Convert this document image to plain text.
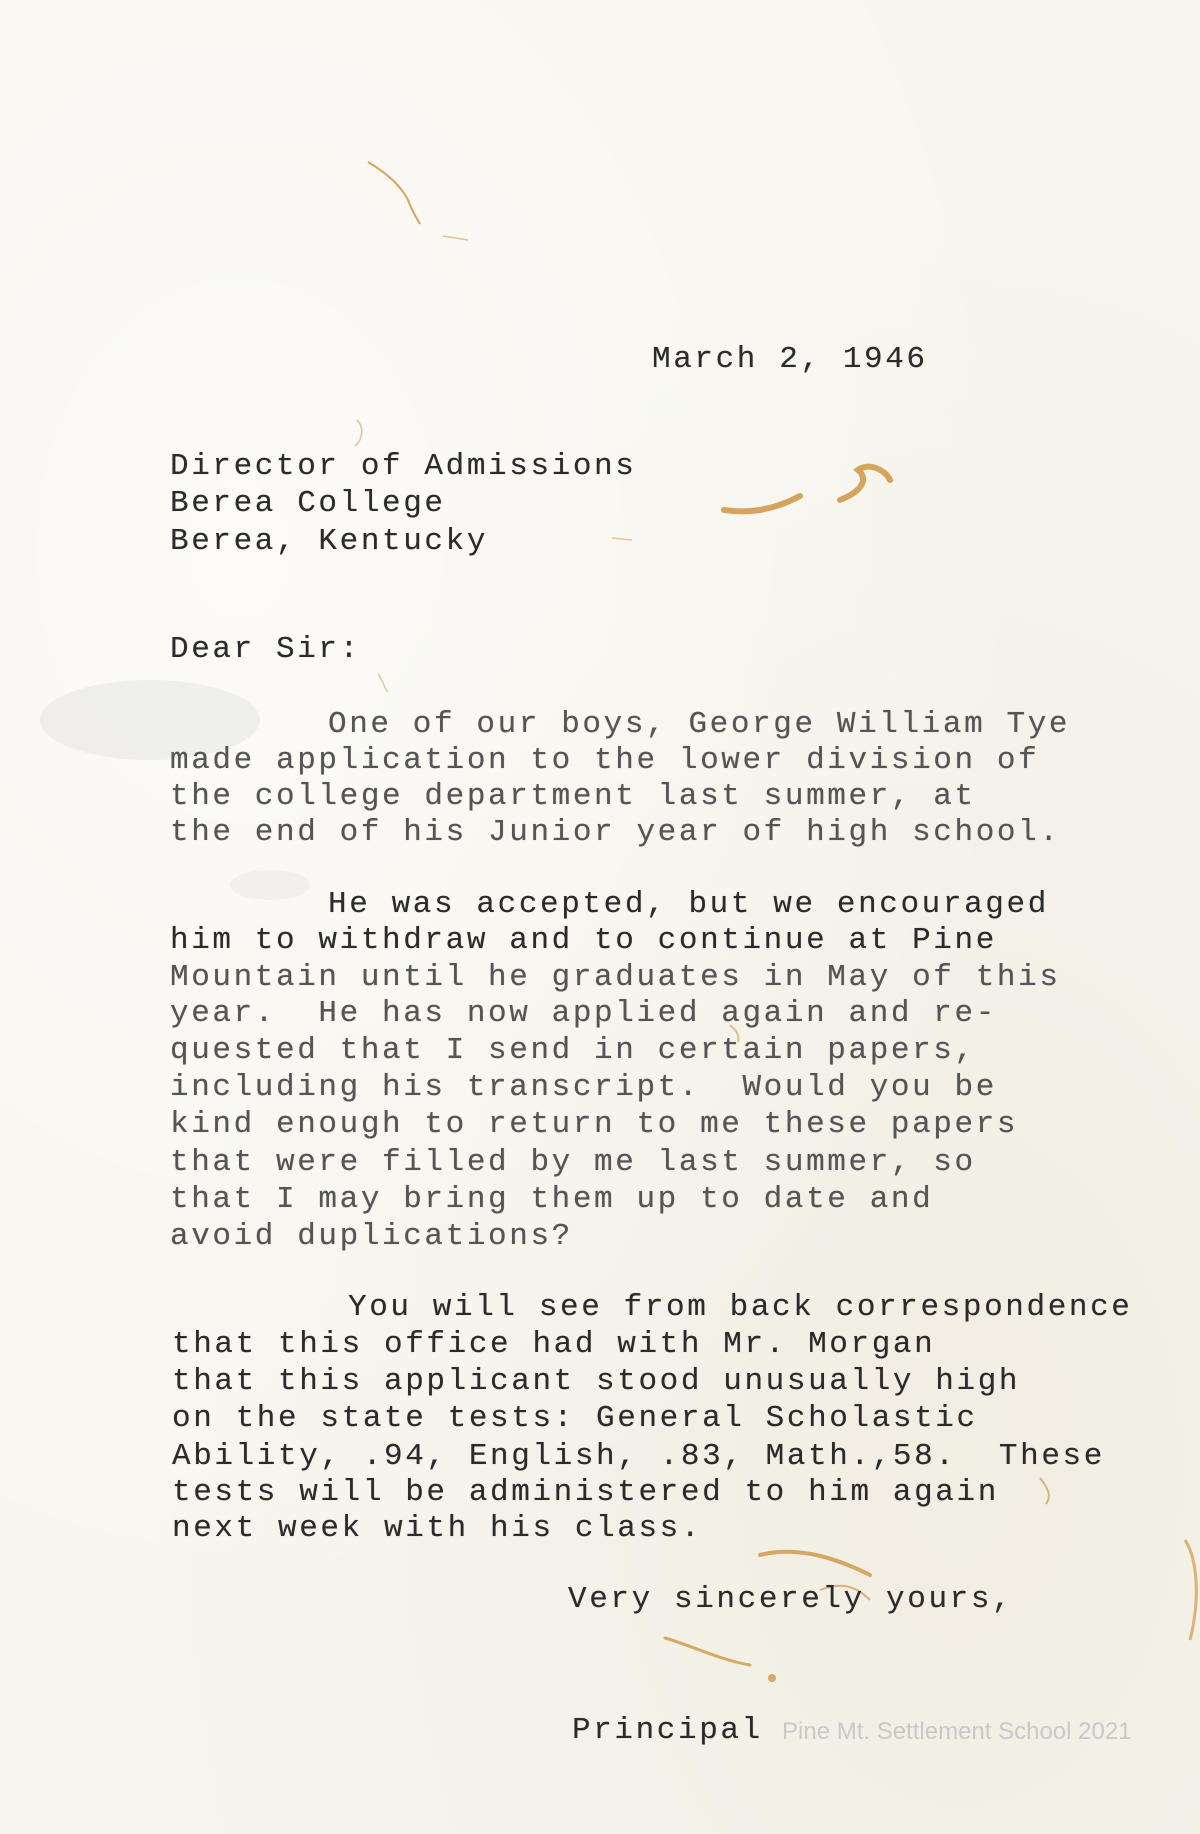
March 2, 1946
Director of Admissions
Berea College
Berea, Kentucky
Dear Sir:
One of our boys, George William Tye
made application to the lower division of
the college department last summer, at
the end of his Junior year of high school.
He was accepted, but we encouraged
him to withdraw and to continue at Pine
Mountain until he graduates in May of this
year.  He has now applied again and re-
quested that I send in certain papers,
including his transcript.  Would you be
kind enough to return to me these papers
that were filled by me last summer, so
that I may bring them up to date and
avoid duplications?
You will see from back correspondence
that this office had with Mr. Morgan
that this applicant stood unusually high
on the state tests: General Scholastic
Ability, .94, English, .83, Math.,58.  These
tests will be administered to him again
next week with his class.
Very sincerely yours,
Principal Pine Mt. Settlement School 2021
